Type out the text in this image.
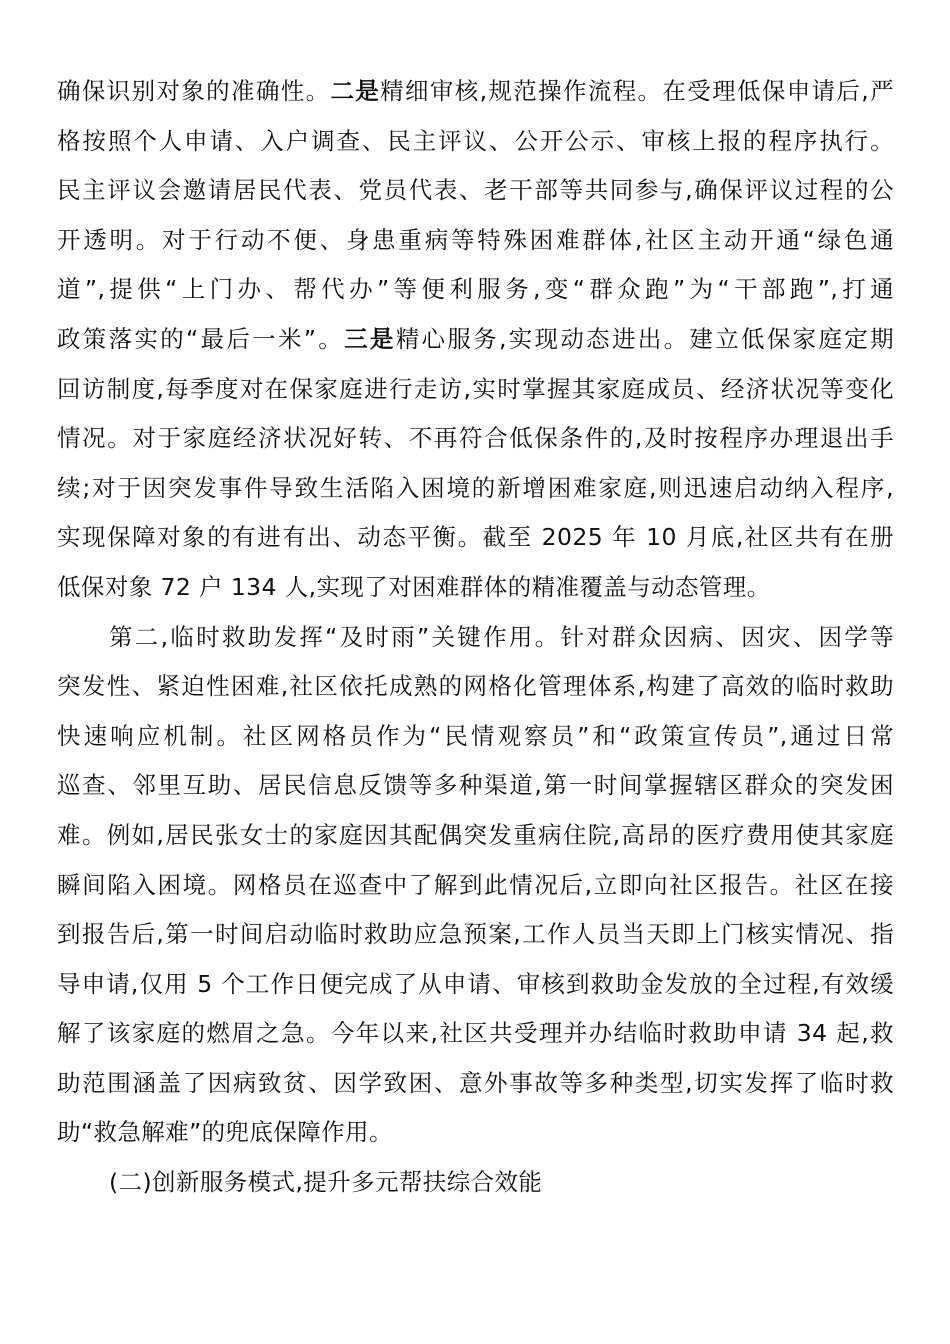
确保识别对象的准确性。二是精细审核,规范操作流程。在受理低保申请后,严
格按照个人申请、入户调查、民主评议、公开公示、审核上报的程序执行。
民主评议会邀请居民代表、党员代表、老干部等共同参与,确保评议过程的公
开透明。对于行动不便、身患重病等特殊困难群体,社区主动开通“绿色通
道”,提供“上门办、帮代办”等便利服务,变“群众跑”为“干部跑”,打通
政策落实的“最后一米”。三是精心服务,实现动态进出。建立低保家庭定期
回访制度,每季度对在保家庭进行走访,实时掌握其家庭成员、经济状况等变化
情况。对于家庭经济状况好转、不再符合低保条件的,及时按程序办理退出手
续;对于因突发事件导致生活陷入困境的新增困难家庭,则迅速启动纳入程序,
实现保障对象的有进有出、动态平衡。截至 2025 年 10 月底,社区共有在册
低保对象 72 户 134 人,实现了对困难群体的精准覆盖与动态管理。
第二,临时救助发挥“及时雨”关键作用。针对群众因病、因灾、因学等
突发性、紧迫性困难,社区依托成熟的网格化管理体系,构建了高效的临时救助
快速响应机制。社区网格员作为“民情观察员”和“政策宣传员”,通过日常
巡查、邻里互助、居民信息反馈等多种渠道,第一时间掌握辖区群众的突发困
难。例如,居民张女士的家庭因其配偶突发重病住院,高昂的医疗费用使其家庭
瞬间陷入困境。网格员在巡查中了解到此情况后,立即向社区报告。社区在接
到报告后,第一时间启动临时救助应急预案,工作人员当天即上门核实情况、指
导申请,仅用 5 个工作日便完成了从申请、审核到救助金发放的全过程,有效缓
解了该家庭的燃眉之急。今年以来,社区共受理并办结临时救助申请 34 起,救
助范围涵盖了因病致贫、因学致困、意外事故等多种类型,切实发挥了临时救
助“救急解难”的兜底保障作用。
(二)创新服务模式,提升多元帮扶综合效能
